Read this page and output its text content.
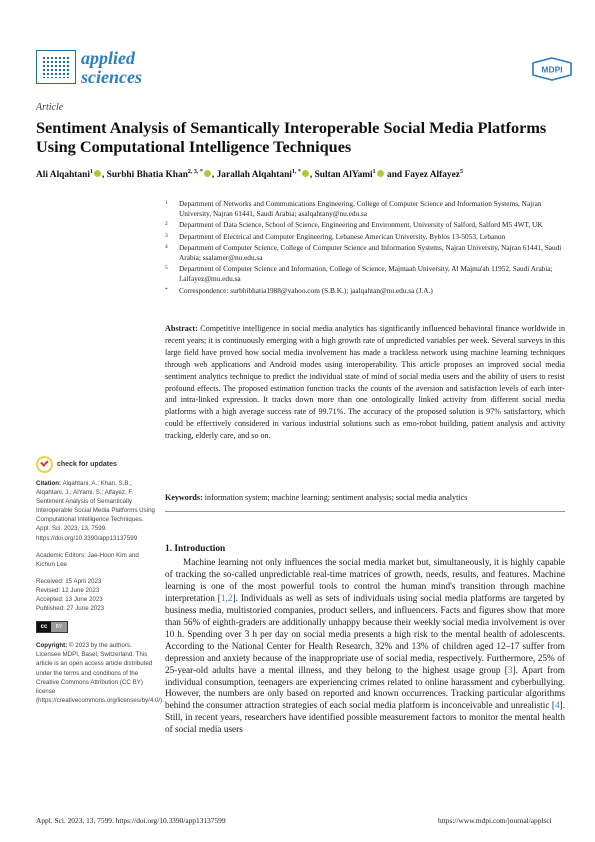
applied
sciences	MDPI
Article
Sentiment Analysis of Semantically Interoperable Social Media Platforms Using Computational Intelligence Techniques
Ali Alqahtani$^1$ , Surbhi Bhatia Khan$^{2, 3, *}$ , Jarallah Alqahtani$^{1, *}$ , Sultan AlYami$^1$ and Fayez Alfayez$^5$
1	Department of Networks and Communications Engineering, College of Computer Science and Information Systems, Najran University, Najran 61441, Saudi Arabia; asalqahtany@nu.edu.sa
2	Department of Data Science, School of Science, Engineering and Environment, University of Salford, Salford M5 4WT, UK
3	Department of Electrical and Computer Engineering, Lebanese American University, Byblos 13-5053, Lebanon
4	Department of Computer Science, College of Computer Science and Information Systems, Najran University, Najran 61441, Saudi Arabia; ssalamer@nu.edu.sa
5	Department of Computer Science and Information, College of Science, Majmaah University, Al Majma'ah 11952, Saudi Arabia; f.alfayez@mu.edu.sa
*	Correspondence: surbhibhatia1988@yahoo.com (S.B.K.); jaalqahtan@nu.edu.sa (J.A.)
Abstract: Competitive intelligence in social media analytics has significantly influenced behavioral finance worldwide in recent years; it is continuously emerging with a high growth rate of unpredicted variables per week. Several surveys in this large field have proved how social media involvement has made a trackless network using machine learning techniques through web applications and Android modes using interoperability. This article proposes an improved social media sentiment analytics technique to predict the individual state of mind of social media users and the ability of users to resist profound effects. The proposed estimation function tracks the counts of the aversion and satisfaction levels of each inter- and intra-linked expression. It tracks down more than one ontologically linked activity from different social media platforms with a high average success rate of 99.71%. The accuracy of the proposed solution is 97% satisfactory, which could be effectively considered in various industrial solutions such as emo-robot building, patient analysis and activity tracking, elderly care, and so on.
Keywords: information system; machine learning; sentiment analysis; social media analytics
1. Introduction
Machine learning not only influences the social media market but, simultaneously, it is highly capable of tracking the so-called unpredictable real-time matrices of growth, needs, results, and features. Machine learning is one of the most powerful tools to control the human mind's transition through machine interpretation [1,2]. Individuals as well as sets of individuals using social media platforms are targeted by business media, multistoried companies, product sellers, and influencers. Facts and figures show that more than 56% of eighth-graders are additionally unhappy because their weekly social media involvement is over 10 h. Spending over 3 h per day on social media presents a high risk to the mental health of adolescents. According to the National Center for Health Research, 32% and 13% of children aged 12–17 suffer from depression and anxiety because of the inappropriate use of social media, respectively. Furthermore, 25% of 25-year-old adults have a mental illness, and they belong to the highest usage group [3]. Apart from individual consumption, teenagers are experiencing crimes related to online harassment and cyberbullying. However, the numbers are only based on reported and known occurrences. Tracking particular algorithms behind the consumer attraction strategies of each social media platform is inconceivable and unrealistic [4]. Still, in recent years, researchers have identified possible measurement factors to monitor the mental health of social media users
check for updates
Citation: Alqahtani, A.; Khan, S.B.; Alqahtani, J.; AlYami, S.; Alfayez, F. Sentiment Analysis of Semantically Interoperable Social Media Platforms Using Computational Intelligence Techniques. Appl. Sci. 2023, 13, 7599. https://doi.org/10.3390/app13137599
Academic Editors: Jae-Hoon Kim and Kichun Lee
Received: 15 April 2023
Revised: 12 June 2023
Accepted: 13 June 2023
Published: 27 June 2023
cc	BY
Copyright: © 2023 by the authors. Licensee MDPI, Basel, Switzerland. This article is an open access article distributed under the terms and conditions of the Creative Commons Attribution (CC BY) license (https://creativecommons.org/licenses/by/4.0/).
Appl. Sci. 2023, 13, 7599. https://doi.org/10.3390/app13137599	https://www.mdpi.com/journal/applsci
